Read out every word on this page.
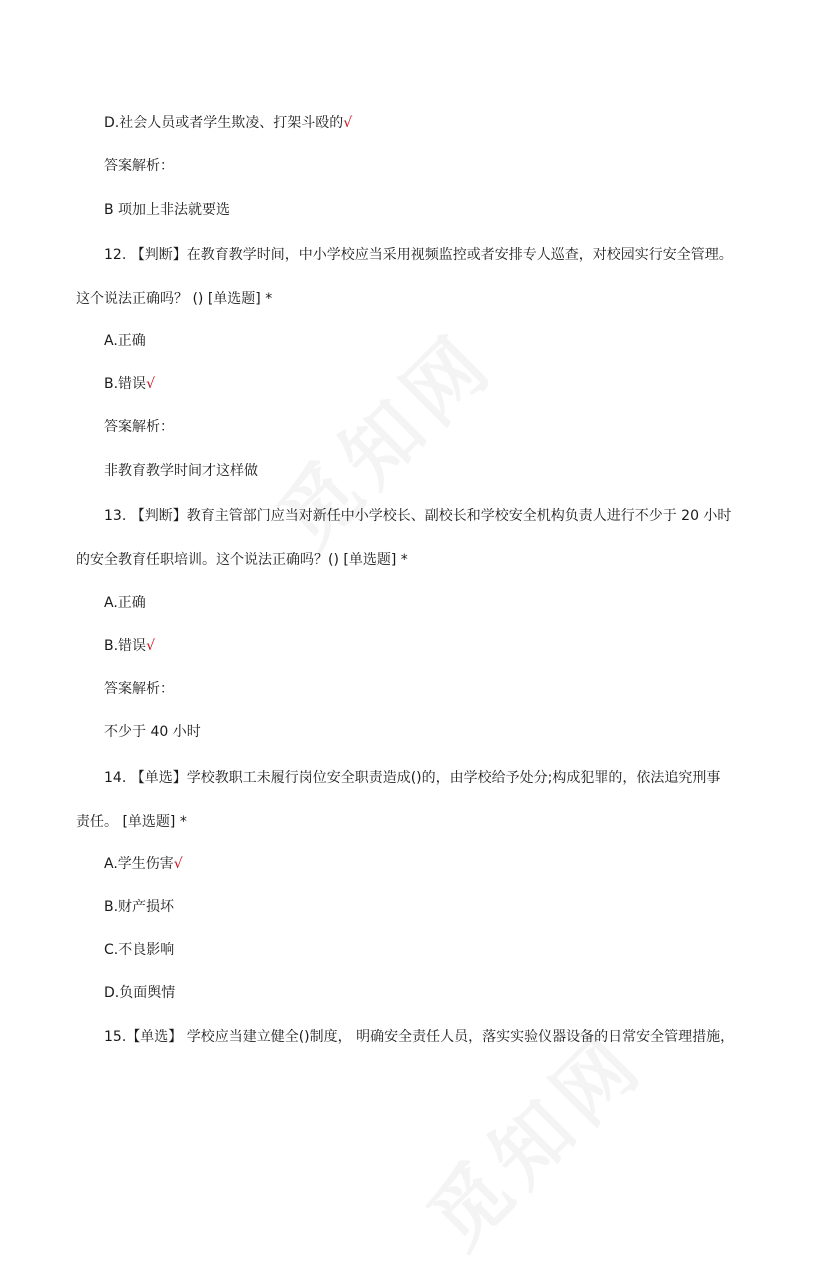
D.社会人员或者学生欺凌、打架斗殴的√
答案解析：
B 项加上非法就要选
12. 【判断】在教育教学时间，中小学校应当采用视频监控或者安排专人巡查，对校园实行安全管理。
这个说法正确吗？ () [单选题] *
A.正确
B.错误√
答案解析：
非教育教学时间才这样做
13. 【判断】教育主管部门应当对新任中小学校长、副校长和学校安全机构负责人进行不少于 20 小时
的安全教育任职培训。这个说法正确吗？() [单选题] *
A.正确
B.错误√
答案解析：
不少于 40 小时
14. 【单选】学校教职工未履行岗位安全职责造成()的，由学校给予处分;构成犯罪的，依法追究刑事
责任。 [单选题] *
A.学生伤害√
B.财产损坏
C.不良影响
D.负面舆情
15.【单选】 学校应当建立健全()制度， 明确安全责任人员，落实实验仪器设备的日常安全管理措施，
